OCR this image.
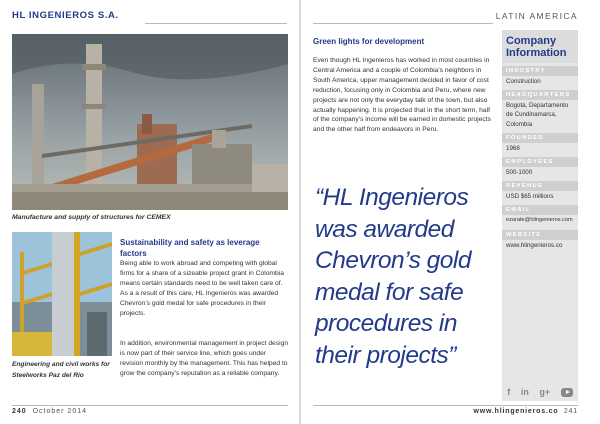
HL INGENIEROS S.A.
Manufacture and supply of structures for CEMEX
Engineering and civil works for Steelworks Paz del Rio
Sustainability and safety as leverage factors

Being able to work abroad and competing with global firms for a share of a sizeable project grant in Colombia means certain standards need to be well taken care of. As a a result of this care, HL Ingenieros was awarded Chevron’s gold medal for safe procedures in their projects.

In addition, environmental management in project design is now part of their service line, which goes under revision monthly by the management. This has helped to grow the company’s reputation as a reliable company.

240 October 2014
LATIN AMERICA
Green lights for development

Even though HL Ingenieros has worked in most countries in Central America and a couple of Colombia’s neighbors in South America, upper management decided in favor of cost reduction, focusing only in Colombia and Peru, where new projects are not only the everyday talk of the town, but also actually happening. It is projected that in the short term, half of the company’s income will be earned in domestic projects and the other half from endeavors in Peru.

“HL Ingenieros was awarded Chevron’s gold medal for safe procedures in their projects”

Company Information
INDUSTRY
Construction
HEADQUARTERS
Bogota, Departamento de Cundinamarca, Colombia
FOUNDED
1968
EMPLOYEES
500-1000
REVENUE
USD $65 millions
EMAIL
ezarate@hlingenieros.com
WEBSITE
www.hlingenieros.co
f in g+
www.hlingenieros.co 241
